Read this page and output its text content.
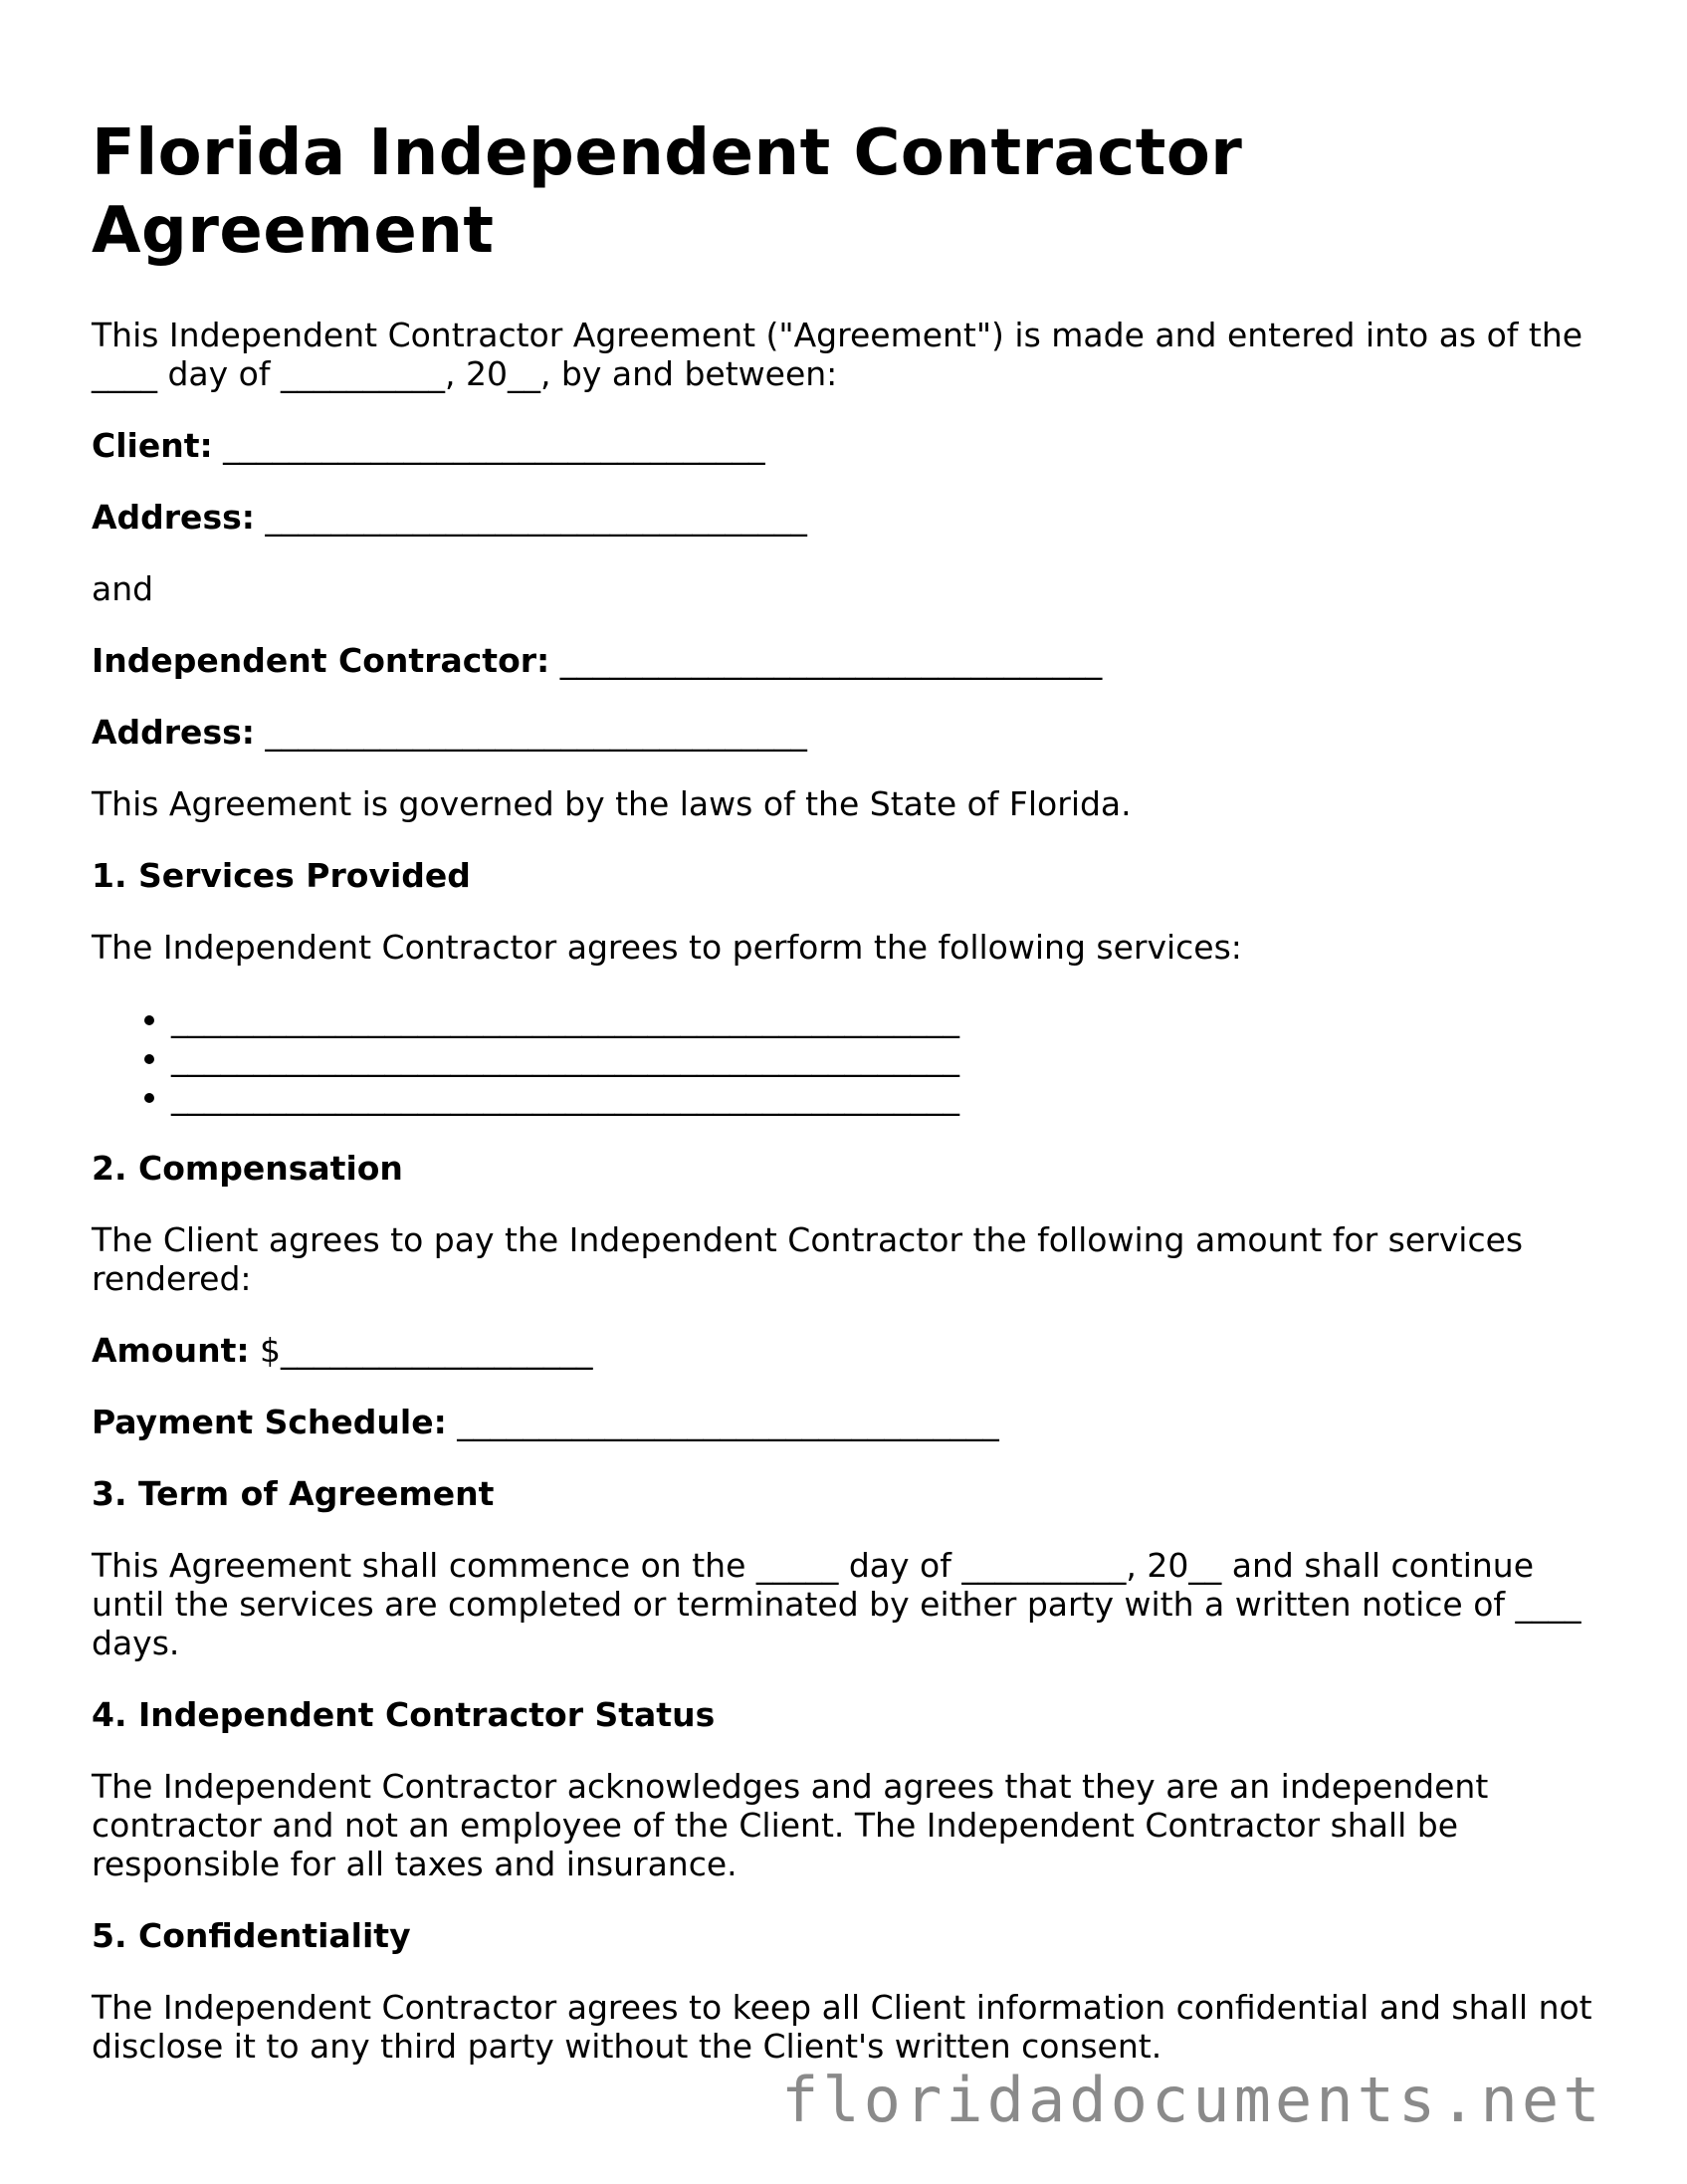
Florida Independent Contractor Agreement

This Independent Contractor Agreement ("Agreement") is made and entered into as of the ____ day of __________, 20__, by and between:

Client: _________________________________
Address: _________________________________

and

Independent Contractor: _________________________________
Address: _________________________________

This Agreement is governed by the laws of the State of Florida.

1. Services Provided

The Independent Contractor agrees to perform the following services:

• ________________________________________________
• ________________________________________________
• ________________________________________________
2. Compensation

The Client agrees to pay the Independent Contractor the following amount for services rendered:

Amount: $___________________
Payment Schedule: _________________________________
3. Term of Agreement

This Agreement shall commence on the _____ day of __________, 20__ and shall continue until the services are completed or terminated by either party with a written notice of ____ days.

4. Independent Contractor Status

The Independent Contractor acknowledges and agrees that they are an independent contractor and not an employee of the Client. The Independent Contractor shall be responsible for all taxes and insurance.

5. Confidentiality

The Independent Contractor agrees to keep all Client information confidential and shall not disclose it to any third party without the Client's written consent.

floridadocuments.net
